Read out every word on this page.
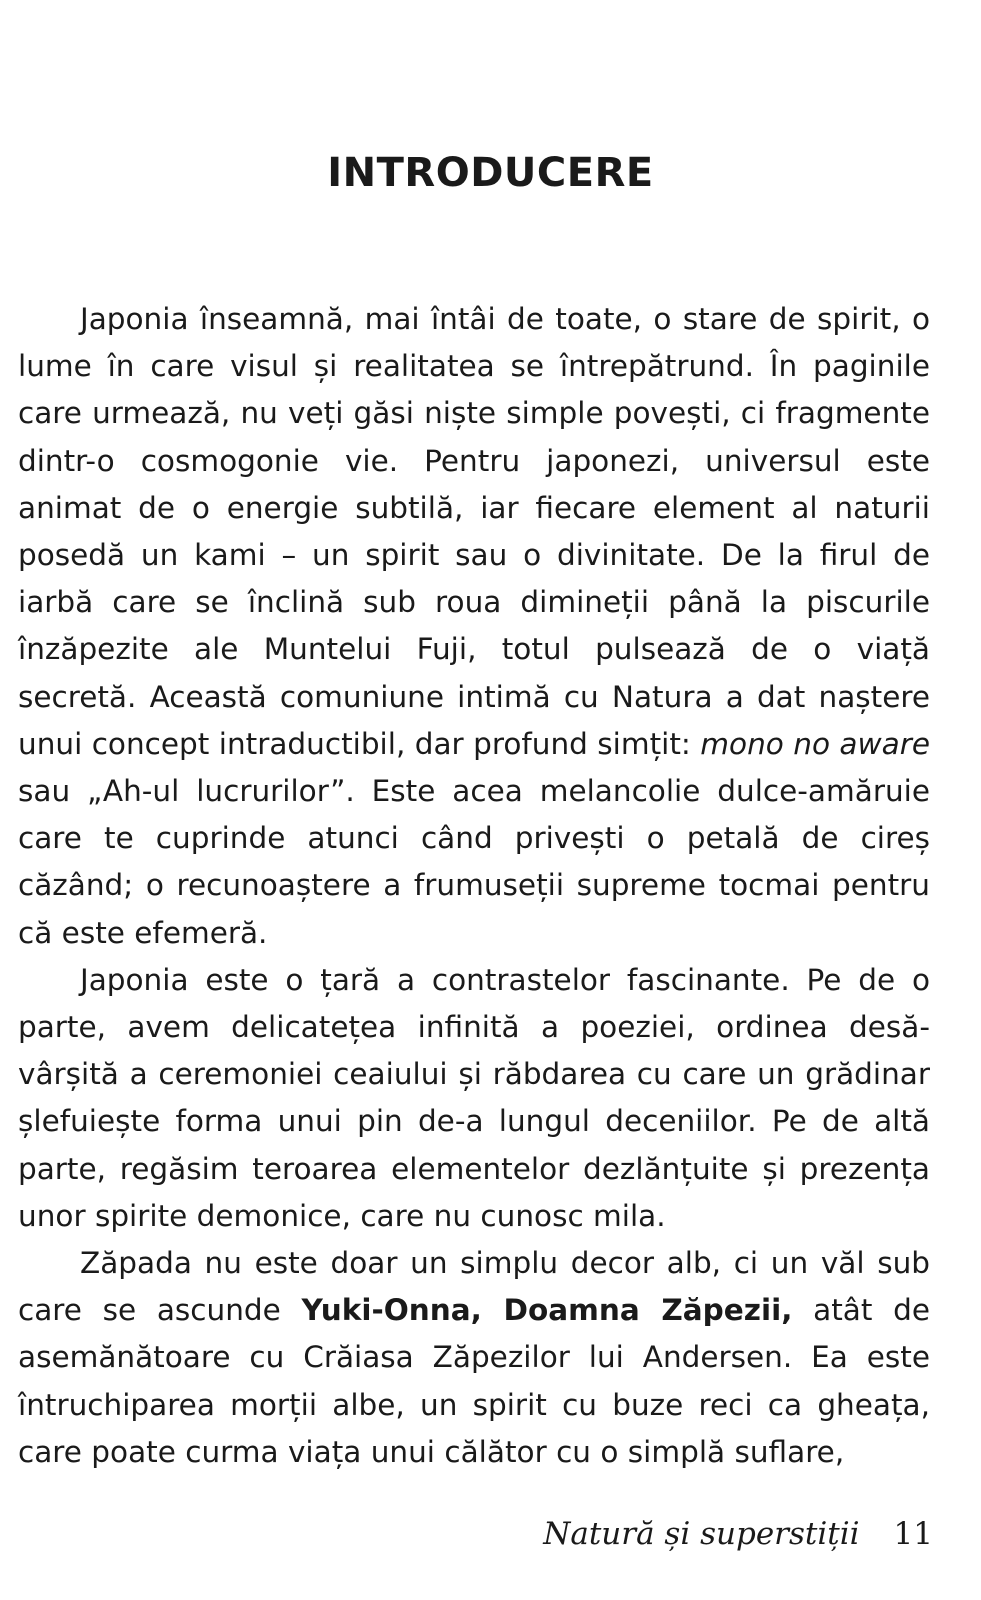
INTRODUCERE

Japonia înseamnă, mai întâi de toate, o stare de spirit, o lume în care visul și realitatea se întrepătrund. În paginile care urmează, nu veți găsi niște simple povești, ci fragmente dintr-o cosmogonie vie. Pentru japonezi, universul este animat de o energie subtilă, iar fiecare element al naturii posedă un kami – un spirit sau o divinitate. De la firul de iarbă care se înclină sub roua dimineții până la piscurile înzăpezite ale Muntelui Fuji, totul pulsează de o viață secretă. Această comuniune intimă cu Natura a dat naștere unui concept intraductibil, dar profund simțit: mono no aware sau „Ah-ul lucrurilor”. Este acea melancolie dulce-amăruie care te cuprinde atunci când privești o petală de cireș căzând; o recunoaștere a frumuseții supreme tocmai pentru că este efemeră.

Japonia este o țară a contrastelor fascinante. Pe de o parte, avem delicatețea infinită a poeziei, ordinea desăvârșită a ceremoniei ceaiului și răbdarea cu care un grădinar șlefuiește forma unui pin de-a lungul deceniilor. Pe de altă parte, regăsim teroarea elementelor dezlănțuite și prezența unor spirite demonice, care nu cunosc mila.

Zăpada nu este doar un simplu decor alb, ci un văl sub care se ascunde Yuki-Onna, Doamna Zăpezii, atât de asemănătoare cu Crăiasa Zăpezilor lui Andersen. Ea este întruchiparea morții albe, un spirit cu buze reci ca gheața, care poate curma viața unui călător cu o simplă suflare,

Natură și superstiții 11
